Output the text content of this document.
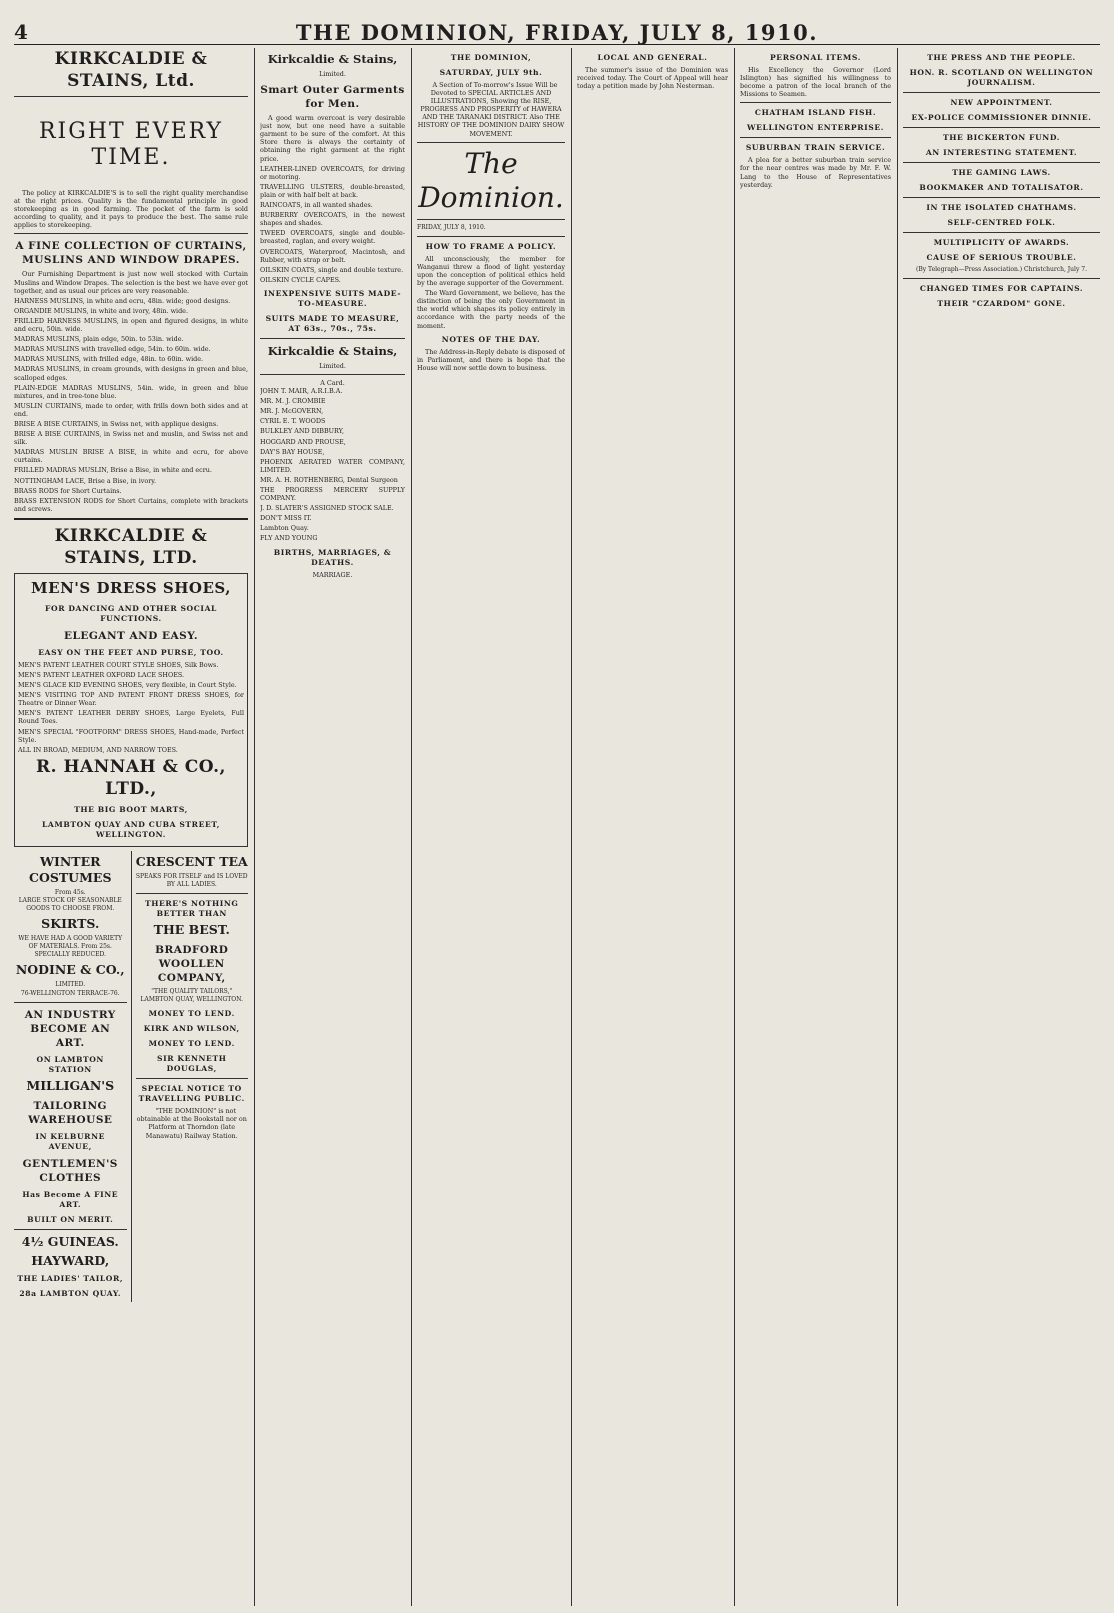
4	THE DOMINION, FRIDAY, JULY 8, 1910.
KIRKCALDIE & STAINS, Ltd.
RIGHT EVERY TIME.

The policy at KIRKCALDIE'S is to sell the right quality merchandise at the right prices. Quality is the fundamental principle in good storekeeping as in good farming. The pocket of the farm is sold according to quality, and it pays to produce the best. The same rule applies to storekeeping.

A FINE COLLECTION OF CURTAINS, MUSLINS AND WINDOW DRAPES.

Our Furnishing Department is just now well stocked with Curtain Muslins and Window Drapes. The selection is the best we have ever got together, and as usual our prices are very reasonable.

HARNESS MUSLINS, in white and ecru, 48in. wide; good designs.
ORGANDIE MUSLINS, in white and ivory, 48in. wide.
FRILLED HARNESS MUSLINS, in open and figured designs, in white and ecru, 50in. wide.
MADRAS MUSLINS, plain edge, 50in. to 53in. wide.
MADRAS MUSLINS with travelled edge, 54in. to 60in. wide.
MADRAS MUSLINS, with frilled edge, 48in. to 60in. wide.
MADRAS MUSLINS, in cream grounds, with designs in green and blue, scalloped edges.
PLAIN-EDGE MADRAS MUSLINS, 54in. wide, in green and blue mixtures, and in tree-tone blue.
MUSLIN CURTAINS, made to order, with frills down both sides and at end.
BRISE A BISE CURTAINS, in Swiss net, with applique designs.
BRISE A BISE CURTAINS, in Swiss net and muslin, and Swiss net and silk.
MADRAS MUSLIN BRISE A BISE, in white and ecru, for above curtains.
FRILLED MADRAS MUSLIN, Brise a Bise, in white and ecru.
NOTTINGHAM LACE, Brise a Bise, in ivory.
BRASS RODS for Short Curtains.
BRASS EXTENSION RODS for Short Curtains, complete with brackets and screws.
KIRKCALDIE & STAINS, LTD.
MEN'S DRESS SHOES,
FOR DANCING AND OTHER SOCIAL FUNCTIONS.
ELEGANT AND EASY.
EASY ON THE FEET AND PURSE, TOO.
MEN'S PATENT LEATHER COURT STYLE SHOES, Silk Bows.
MEN'S PATENT LEATHER OXFORD LACE SHOES.
MEN'S GLACE KID EVENING SHOES, very flexible, in Court Style.
MEN'S VISITING TOP AND PATENT FRONT DRESS SHOES, for Theatre or Dinner Wear.
MEN'S PATENT LEATHER DERBY SHOES, Large Eyelets, Full Round Toes.
MEN'S SPECIAL "FOOTFORM" DRESS SHOES, Hand-made, Perfect Style.
ALL IN BROAD, MEDIUM, AND NARROW TOES.
R. HANNAH & CO., LTD.,
THE BIG BOOT MARTS,
LAMBTON QUAY AND CUBA STREET, WELLINGTON.
WINTER COSTUMES
From 45s.
LARGE STOCK OF SEASONABLE GOODS TO CHOOSE FROM.
SKIRTS.
WE HAVE HAD A GOOD VARIETY OF MATERIALS. From 25s. SPECIALLY REDUCED.
NODINE & CO.,
LIMITED.
76-WELLINGTON TERRACE-76.
AN INDUSTRY BECOME AN ART.
ON LAMBTON STATION
MILLIGAN'S
TAILORING WAREHOUSE
IN KELBURNE AVENUE,
GENTLEMEN'S CLOTHES
Has Become A FINE ART.
BUILT ON MERIT.
4½ GUINEAS.
HAYWARD,
THE LADIES' TAILOR,
28a LAMBTON QUAY.
CRESCENT TEA
SPEAKS FOR ITSELF and IS LOVED BY ALL LADIES.
THERE'S NOTHING BETTER THAN
THE BEST.
BRADFORD WOOLLEN COMPANY,
"THE QUALITY TAILORS,"
LAMBTON QUAY, WELLINGTON.
MONEY TO LEND.
KIRK AND WILSON,
MONEY TO LEND.
SIR KENNETH DOUGLAS,
SPECIAL NOTICE TO TRAVELLING PUBLIC.

"THE DOMINION" is not obtainable at the Bookstall nor on Platform at Thorndon (late Manawatu) Railway Station.

Kirkcaldie & Stains,
Limited.
Smart Outer Garments for Men.

A good warm overcoat is very desirable just now, but one need have a suitable garment to be sure of the comfort. At this Store there is always the certainty of obtaining the right garment at the right price.

LEATHER-LINED OVERCOATS, for driving or motoring.
TRAVELLING ULSTERS, double-breasted, plain or with half belt at back.
RAINCOATS, in all wanted shades.
BURBERRY OVERCOATS, in the newest shapes and shades.
TWEED OVERCOATS, single and double-breasted, raglan, and every weight.
OVERCOATS, Waterproof, Macintosh, and Rubber, with strap or belt.
OILSKIN COATS, single and double texture.
OILSKIN CYCLE CAPES.
INEXPENSIVE SUITS MADE-TO-MEASURE.
SUITS MADE TO MEASURE, AT 63s., 70s., 75s.
Kirkcaldie & Stains,
Limited.
A Card.
JOHN T. MAIR, A.R.I.B.A.
MR. M. J. CROMBIE
MR. J. McGOVERN,
CYRIL E. T. WOODS
BULKLEY AND DIBBURY,
HOGGARD AND PROUSE,
DAY'S BAY HOUSE,
PHOENIX AERATED WATER COMPANY, LIMITED.
MR. A. H. ROTHENBERG, Dental Surgeon
THE PROGRESS MERCERY SUPPLY COMPANY.
J. D. SLATER'S ASSIGNED STOCK SALE.
DON'T MISS IT.
Lambton Quay.
FLY AND YOUNG
BIRTHS, MARRIAGES, & DEATHS.
MARRIAGE.
THE DOMINION,
SATURDAY, JULY 9th.

A Section of To-morrow's Issue Will be Devoted to SPECIAL ARTICLES AND ILLUSTRATIONS, Showing the RISE, PROGRESS AND PROSPERITY of HAWERA AND THE TARANAKI DISTRICT. Also THE HISTORY OF THE DOMINION DAIRY SHOW MOVEMENT.

The Dominion.
FRIDAY, JULY 8, 1910.
HOW TO FRAME A POLICY.

All unconsciously, the member for Wanganui threw a flood of light yesterday upon the conception of political ethics held by the average supporter of the Government.

The Ward Government, we believe, has the distinction of being the only Government in the world which shapes its policy entirely in accordance with the party needs of the moment.

NOTES OF THE DAY.

The Address-in-Reply debate is disposed of in Parliament, and there is hope that the House will now settle down to business.

LOCAL AND GENERAL.

The summer's issue of the Dominion was received today. The Court of Appeal will hear today a petition made by John Nesterman.

PERSONAL ITEMS.

His Excellency the Governor (Lord Islington) has signified his willingness to become a patron of the local branch of the Missions to Seamen.

CHATHAM ISLAND FISH.
WELLINGTON ENTERPRISE.
SUBURBAN TRAIN SERVICE.

A plea for a better suburban train service for the near centres was made by Mr. F. W. Lang to the House of Representatives yesterday.

THE PRESS AND THE PEOPLE.
HON. R. SCOTLAND ON WELLINGTON JOURNALISM.
NEW APPOINTMENT.
EX-POLICE COMMISSIONER DINNIE.
THE BICKERTON FUND.
AN INTERESTING STATEMENT.
THE GAMING LAWS.
BOOKMAKER AND TOTALISATOR.
IN THE ISOLATED CHATHAMS.
SELF-CENTRED FOLK.
MULTIPLICITY OF AWARDS.
CAUSE OF SERIOUS TROUBLE.
(By Telegraph—Press Association.) Christchurch, July 7.
CHANGED TIMES FOR CAPTAINS.
THEIR "CZARDOM" GONE.
